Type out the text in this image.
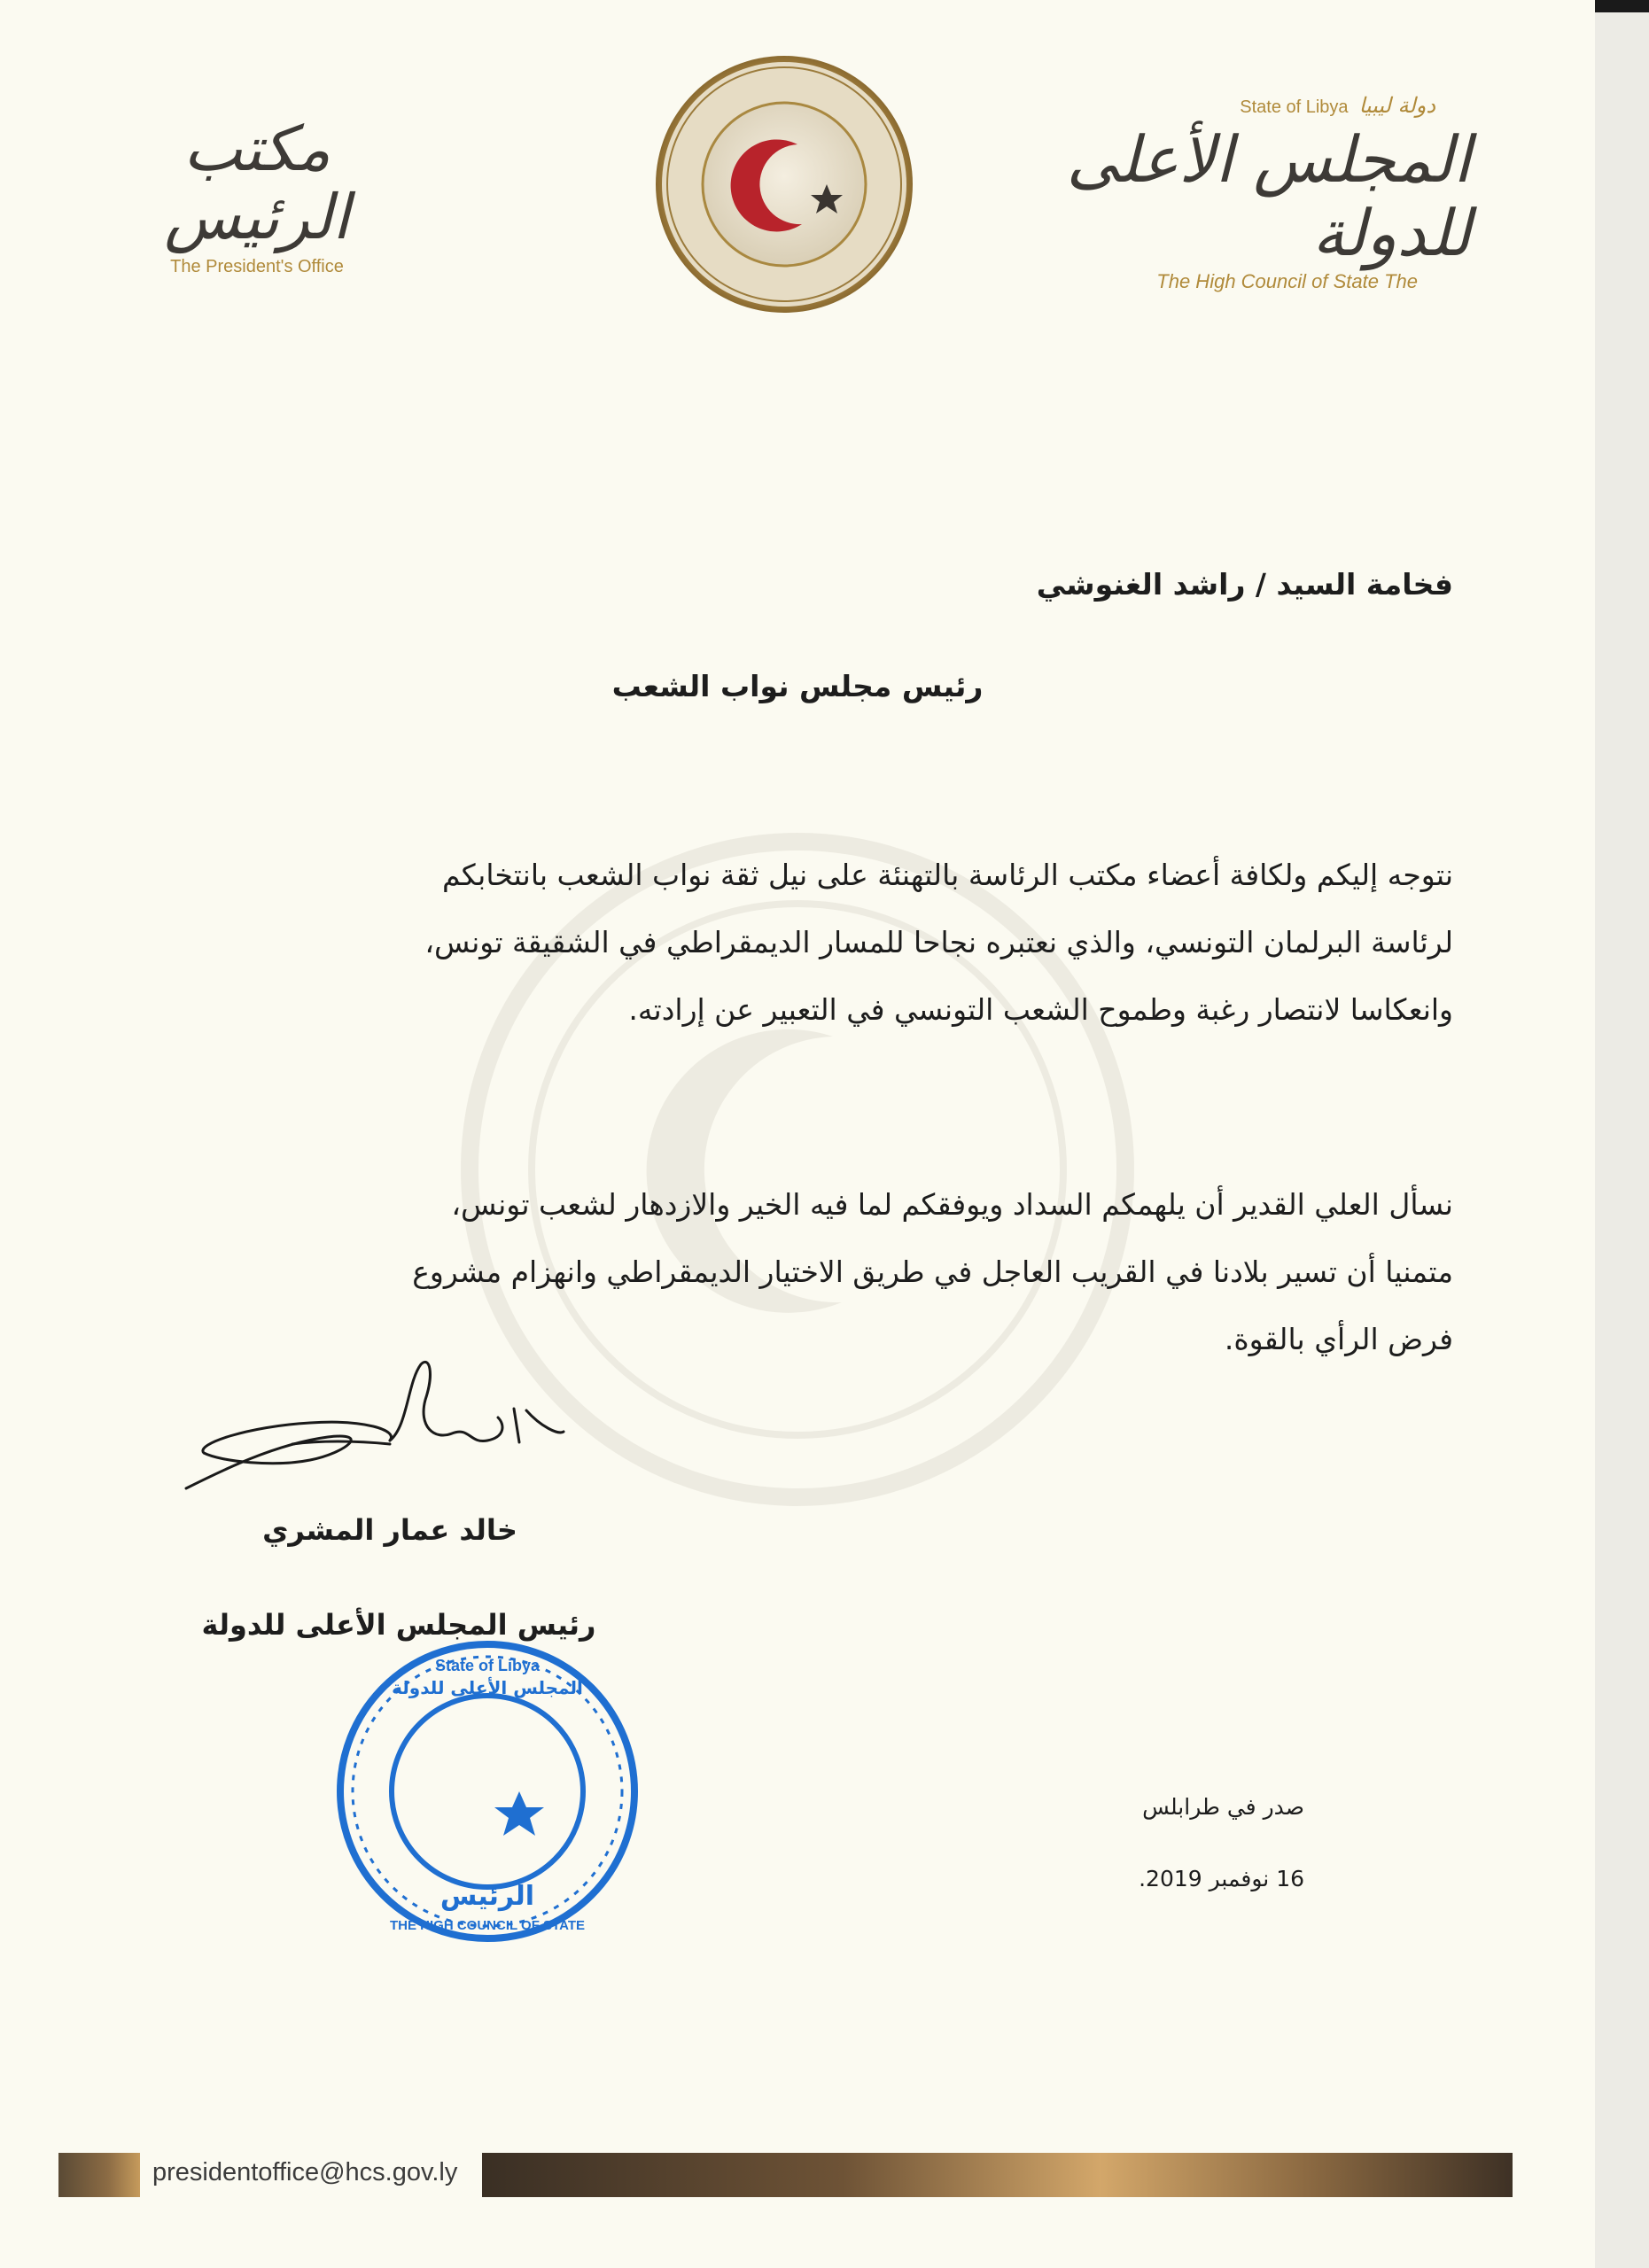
مكتب الرئيس
The President's Office
State of Libya دولة ليبيا
المجلس الأعلى للدولة
The High Council of State The
فخامة السيد / راشد الغنوشي
رئيس مجلس نواب الشعب
نتوجه إليكم ولكافة أعضاء مكتب الرئاسة بالتهنئة على نيل ثقة نواب الشعب بانتخابكم
لرئاسة البرلمان التونسي، والذي نعتبره نجاحا للمسار الديمقراطي في الشقيقة تونس،
وانعكاسا لانتصار رغبة وطموح الشعب التونسي في التعبير عن إرادته.
نسأل العلي القدير أن يلهمكم السداد ويوفقكم لما فيه الخير والازدهار لشعب تونس،
متمنيا أن تسير بلادنا في القريب العاجل في طريق الاختيار الديمقراطي وانهزام مشروع
فرض الرأي بالقوة.
خالد عمار المشري
رئيس المجلس الأعلى للدولة
State of Libya
المجلس الأعلى للدولة
الرئيس
THE HIGH COUNCIL OF STATE
صدر في طرابلس
16 نوفمبر 2019.
presidentoffice@hcs.gov.ly
